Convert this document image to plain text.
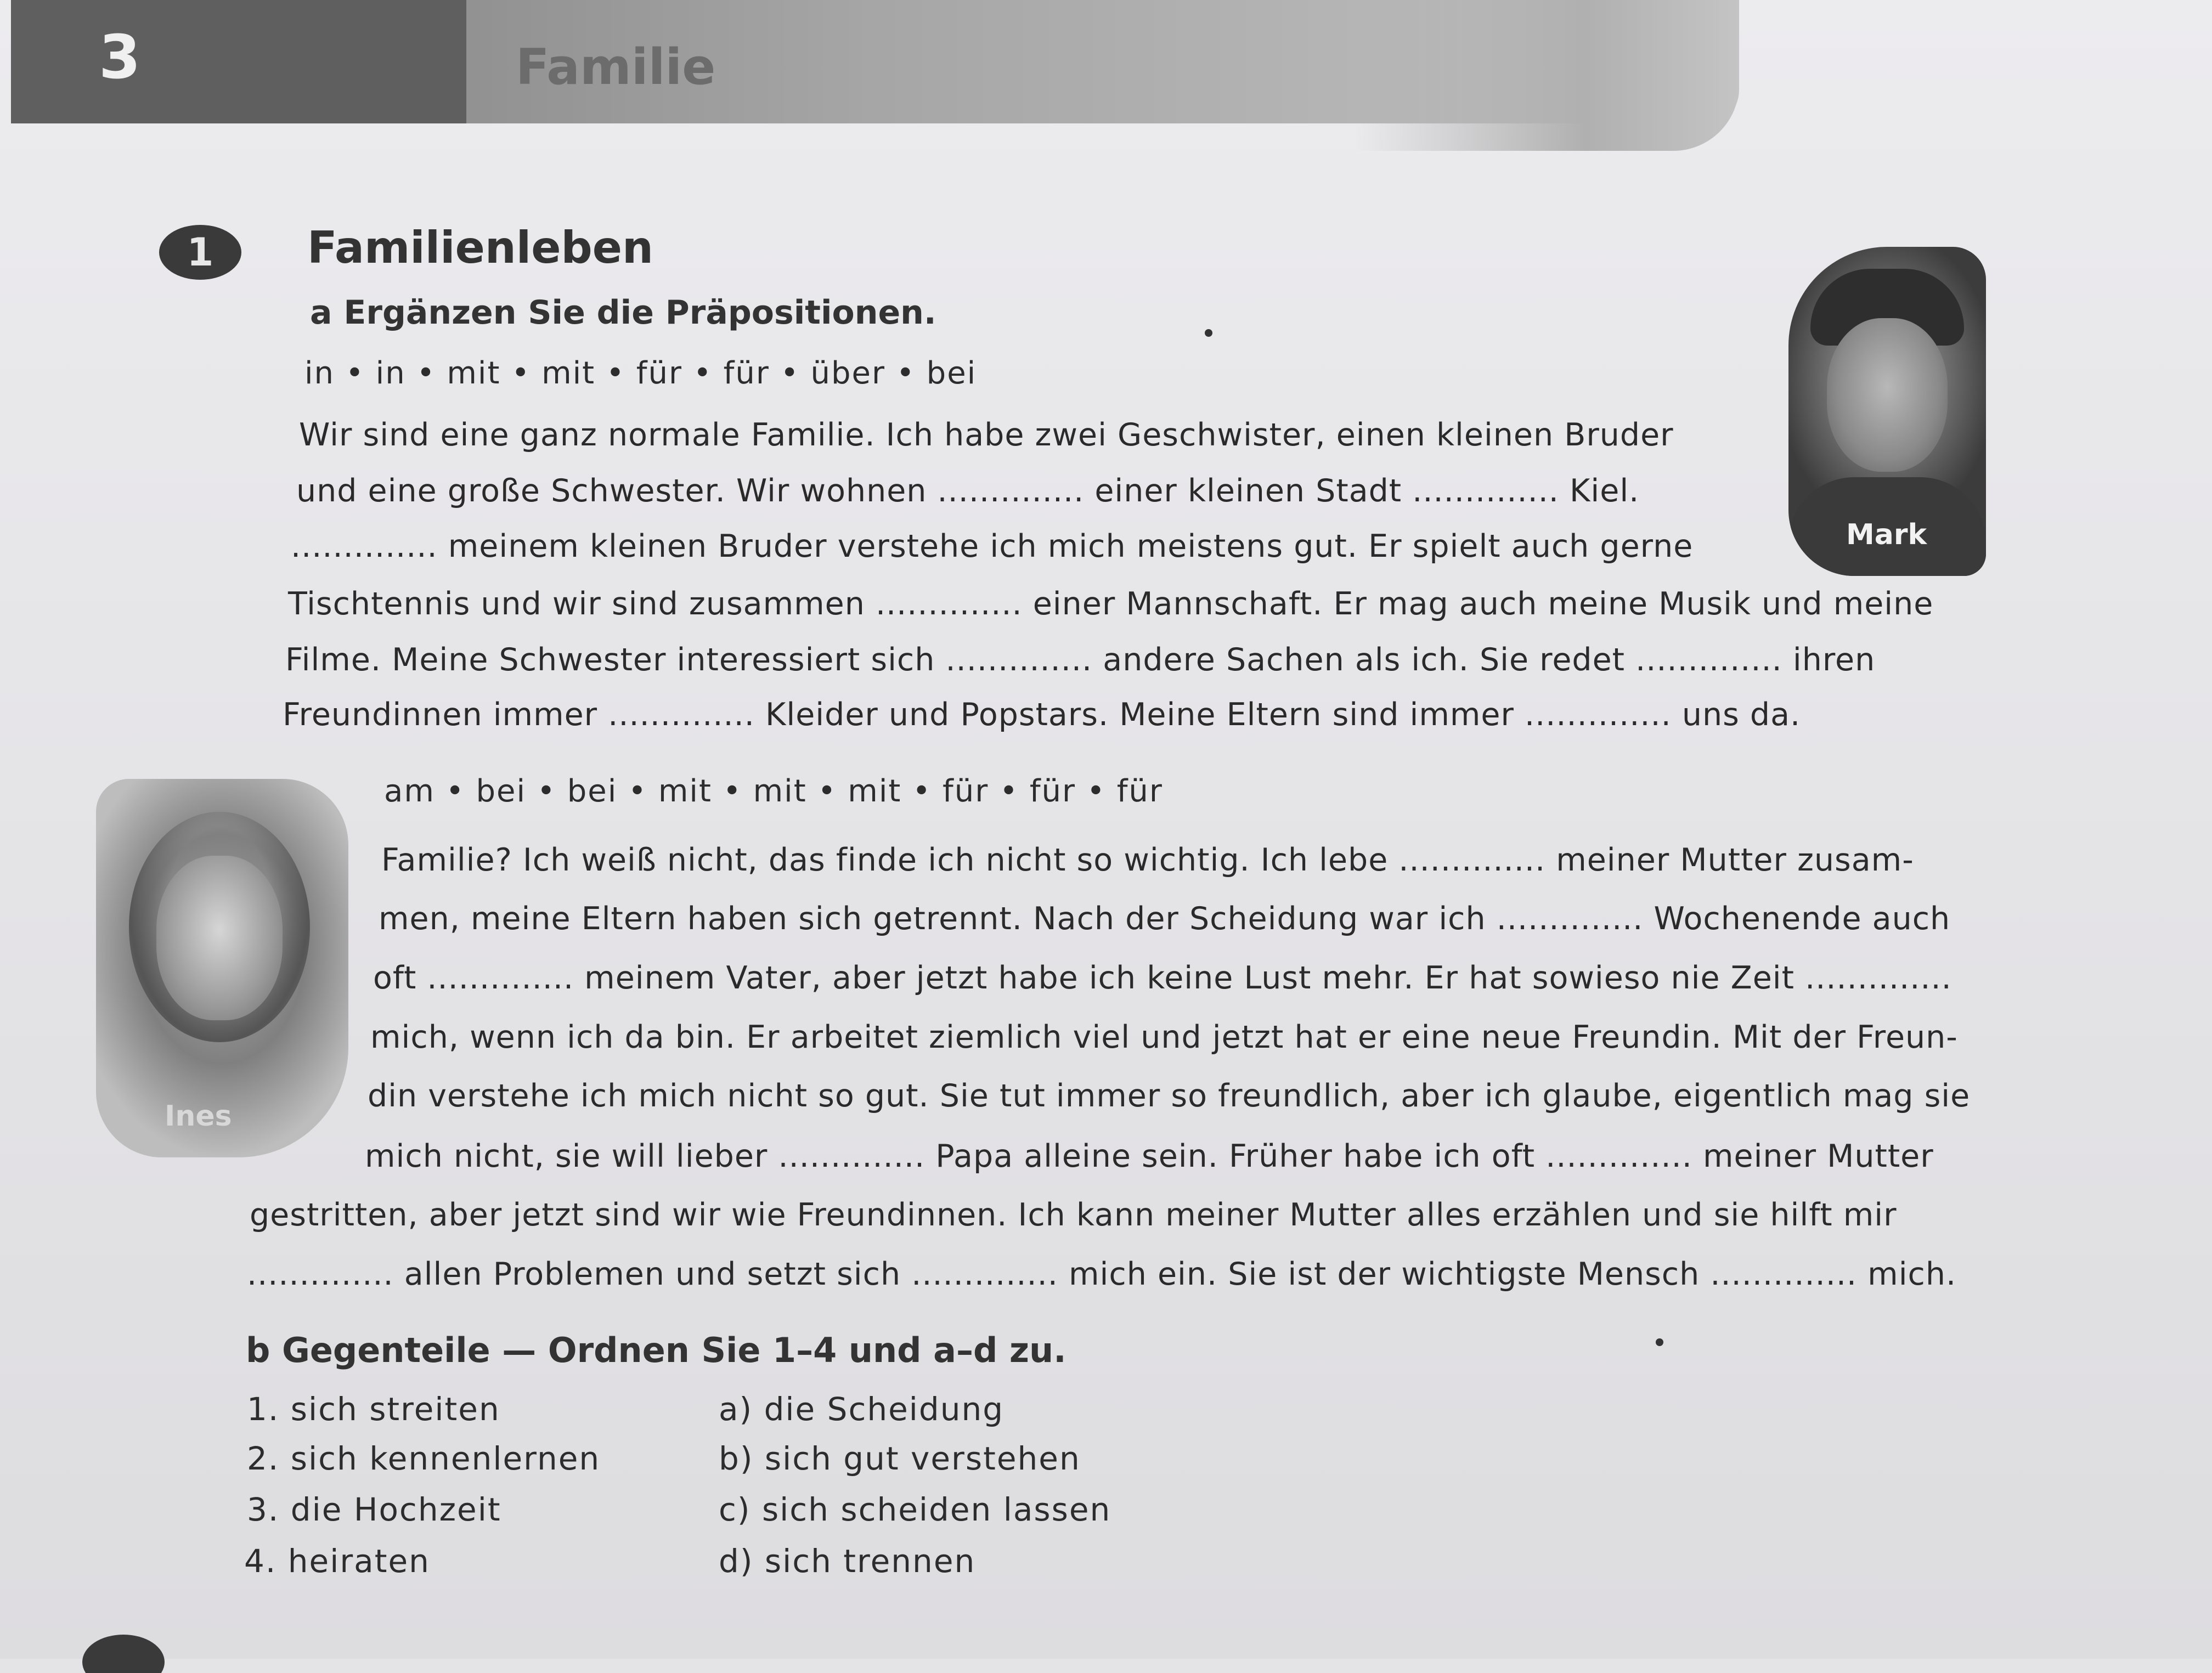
3	Familie
1	Familienleben
a Ergänzen Sie die Präpositionen.
in • in • mit • mit • für • für • über • bei
Wir sind eine ganz normale Familie. Ich habe zwei Geschwister, einen kleinen Bruder
und eine große Schwester. Wir wohnen .............. einer kleinen Stadt .............. Kiel.
.............. meinem kleinen Bruder verstehe ich mich meistens gut. Er spielt auch gerne
Tischtennis und wir sind zusammen .............. einer Mannschaft. Er mag auch meine Musik und meine
Filme. Meine Schwester interessiert sich .............. andere Sachen als ich. Sie redet .............. ihren
Freundinnen immer .............. Kleider und Popstars. Meine Eltern sind immer .............. uns da.
Mark
am • bei • bei • mit • mit • mit • für • für • für
Ines
Familie? Ich weiß nicht, das finde ich nicht so wichtig. Ich lebe .............. meiner Mutter zusam-
men, meine Eltern haben sich getrennt. Nach der Scheidung war ich .............. Wochenende auch
oft .............. meinem Vater, aber jetzt habe ich keine Lust mehr. Er hat sowieso nie Zeit ..............
mich, wenn ich da bin. Er arbeitet ziemlich viel und jetzt hat er eine neue Freundin. Mit der Freun-
din verstehe ich mich nicht so gut. Sie tut immer so freundlich, aber ich glaube, eigentlich mag sie
mich nicht, sie will lieber .............. Papa alleine sein. Früher habe ich oft .............. meiner Mutter
gestritten, aber jetzt sind wir wie Freundinnen. Ich kann meiner Mutter alles erzählen und sie hilft mir
.............. allen Problemen und setzt sich .............. mich ein. Sie ist der wichtigste Mensch .............. mich.
b Gegenteile — Ordnen Sie 1–4 und a–d zu.
1. sich streiten
2. sich kennenlernen
3. die Hochzeit
4. heiraten
a) die Scheidung
b) sich gut verstehen
c) sich scheiden lassen
d) sich trennen
